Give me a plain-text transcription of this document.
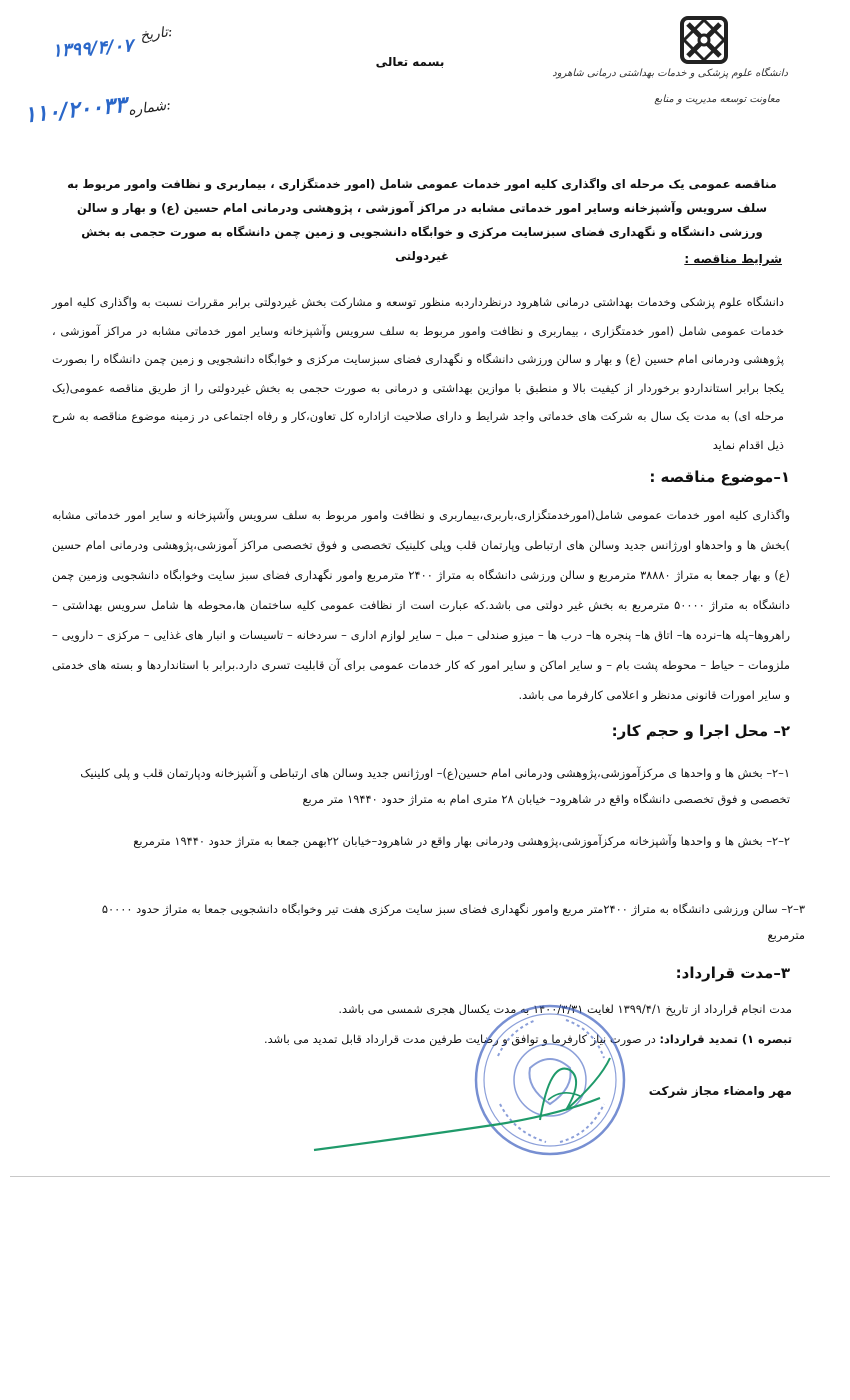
دانشگاه علوم پزشکی و خدمات بهداشتی درمانی شاهرود
معاونت توسعه مدیریت و منابع
بسمه تعالی
تاریخ:
۱۳۹۹/۴/۰۷
شماره:
۱۱۰/۲۰۰۳۳
مناقصه عمومی یک مرحله ای واگذاری کلیه امور خدمات عمومی شامل (امور خدمتگزاری ، بیماربری و نظافت وامور مربوط به سلف سرویس وآشپزخانه وسایر امور خدماتی مشابه در مراکز آموزشی ، پژوهشی ودرمانی امام حسین (ع) و بهار و سالن ورزشی دانشگاه و نگهداری فضای سبزسایت مرکزی و خوابگاه دانشجویی و زمین چمن دانشگاه به صورت حجمی به بخش غیردولتی	شرایط مناقصه :
دانشگاه علوم پزشکی وخدمات بهداشتی درمانی شاهرود درنظرداردبه منظور توسعه و مشارکت بخش غیردولتی برابر مقررات نسبت به واگذاری کلیه امور خدمات عمومی شامل (امور خدمتگزاری ، بیماربری و نظافت وامور مربوط به سلف سرویس وآشپزخانه وسایر امور خدماتی مشابه در مراکز آموزشی ، پژوهشی ودرمانی امام حسین (ع) و بهار و سالن ورزشی دانشگاه و نگهداری فضای سبزسایت مرکزی و خوابگاه دانشجویی و زمین چمن دانشگاه را بصورت یکجا برابر استانداردو برخوردار از کیفیت بالا و منطبق با موازین بهداشتی و درمانی به صورت حجمی به بخش غیردولتی را از طریق مناقصه عمومی(یک مرحله ای) به مدت یک سال به شرکت های خدماتی واجد شرایط و دارای صلاحیت ازاداره کل تعاون،کار و رفاه اجتماعی در زمینه موضوع مناقصه به شرح ذیل اقدام نماید
۱–موضوع مناقصه :
واگذاری کلیه امور خدمات عمومی شامل(امورخدمتگزاری،باربری،بیماربری و نظافت وامور مربوط به سلف سرویس وآشپزخانه و سایر امور خدماتی مشابه )بخش ها و واحدهاو اورژانس جدید وسالن های ارتباطی وپارتمان قلب وپلی کلینیک تخصصی و فوق تخصصی مراکز آموزشی،پژوهشی ودرمانی امام حسین (ع) و بهار جمعا به متراژ ۳۸۸۸۰ مترمربع و سالن ورزشی دانشگاه به متراژ ۲۴۰۰ مترمربع وامور نگهداری فضای سبز سایت وخوابگاه دانشجویی وزمین چمن دانشگاه به متراژ ۵۰۰۰۰ مترمربع به بخش غیر دولتی می باشد.که عبارت است از نظافت عمومی کلیه ساختمان ها،محوطه ها شامل سرویس بهداشتی –راهروها–پله ها–نرده ها– اتاق ها– پنجره ها– درب ها – میزو صندلی – مبل – سایر لوازم اداری – سردخانه – تاسیسات و انبار های غذایی – مرکزی – دارویی – ملزومات – حیاط – محوطه پشت بام – و سایر اماکن و سایر امور که کار خدمات عمومی برای آن قابلیت تسری دارد.برابر با استانداردها و بسته های خدمتی و سایر امورات قانونی مدنظر و اعلامی کارفرما می باشد.
۲– محل اجرا و حجم کار:
۱–۲– بخش ها و واحدها ی مرکزآموزشی،پژوهشی ودرمانی امام حسین(ع)– اورژانس جدید وسالن های ارتباطی و آشپزخانه ودپارتمان قلب و پلی کلینیک تخصصی و فوق تخصصی دانشگاه واقع در شاهرود– خیابان ۲۸ متری امام به متراژ حدود ۱۹۴۴۰ متر مربع
۲–۲– بخش ها و واحدها وآشپزخانه مرکزآموزشی،پژوهشی ودرمانی بهار واقع در شاهرود–خیابان ۲۲بهمن جمعا به متراژ حدود ۱۹۴۴۰ مترمربع
۳–۲– سالن ورزشی دانشگاه به متراژ ۲۴۰۰متر مربع وامور نگهداری فضای سبز سایت مرکزی هفت تیر وخوابگاه دانشجویی جمعا به متراژ حدود ۵۰۰۰۰ مترمربع
۳–مدت قرارداد:
مدت انجام قرارداد از تاریخ ۱۳۹۹/۴/۱ لغایت ۱۴۰۰/۳/۳۱ به مدت یکسال هجری شمسی می باشد.
تبصره ۱) تمدید قرارداد: در صورت نیاز کارفرما و توافق و رضایت طرفین مدت قرارداد قابل تمدید می باشد.
مهر وامضاء مجاز شرکت
